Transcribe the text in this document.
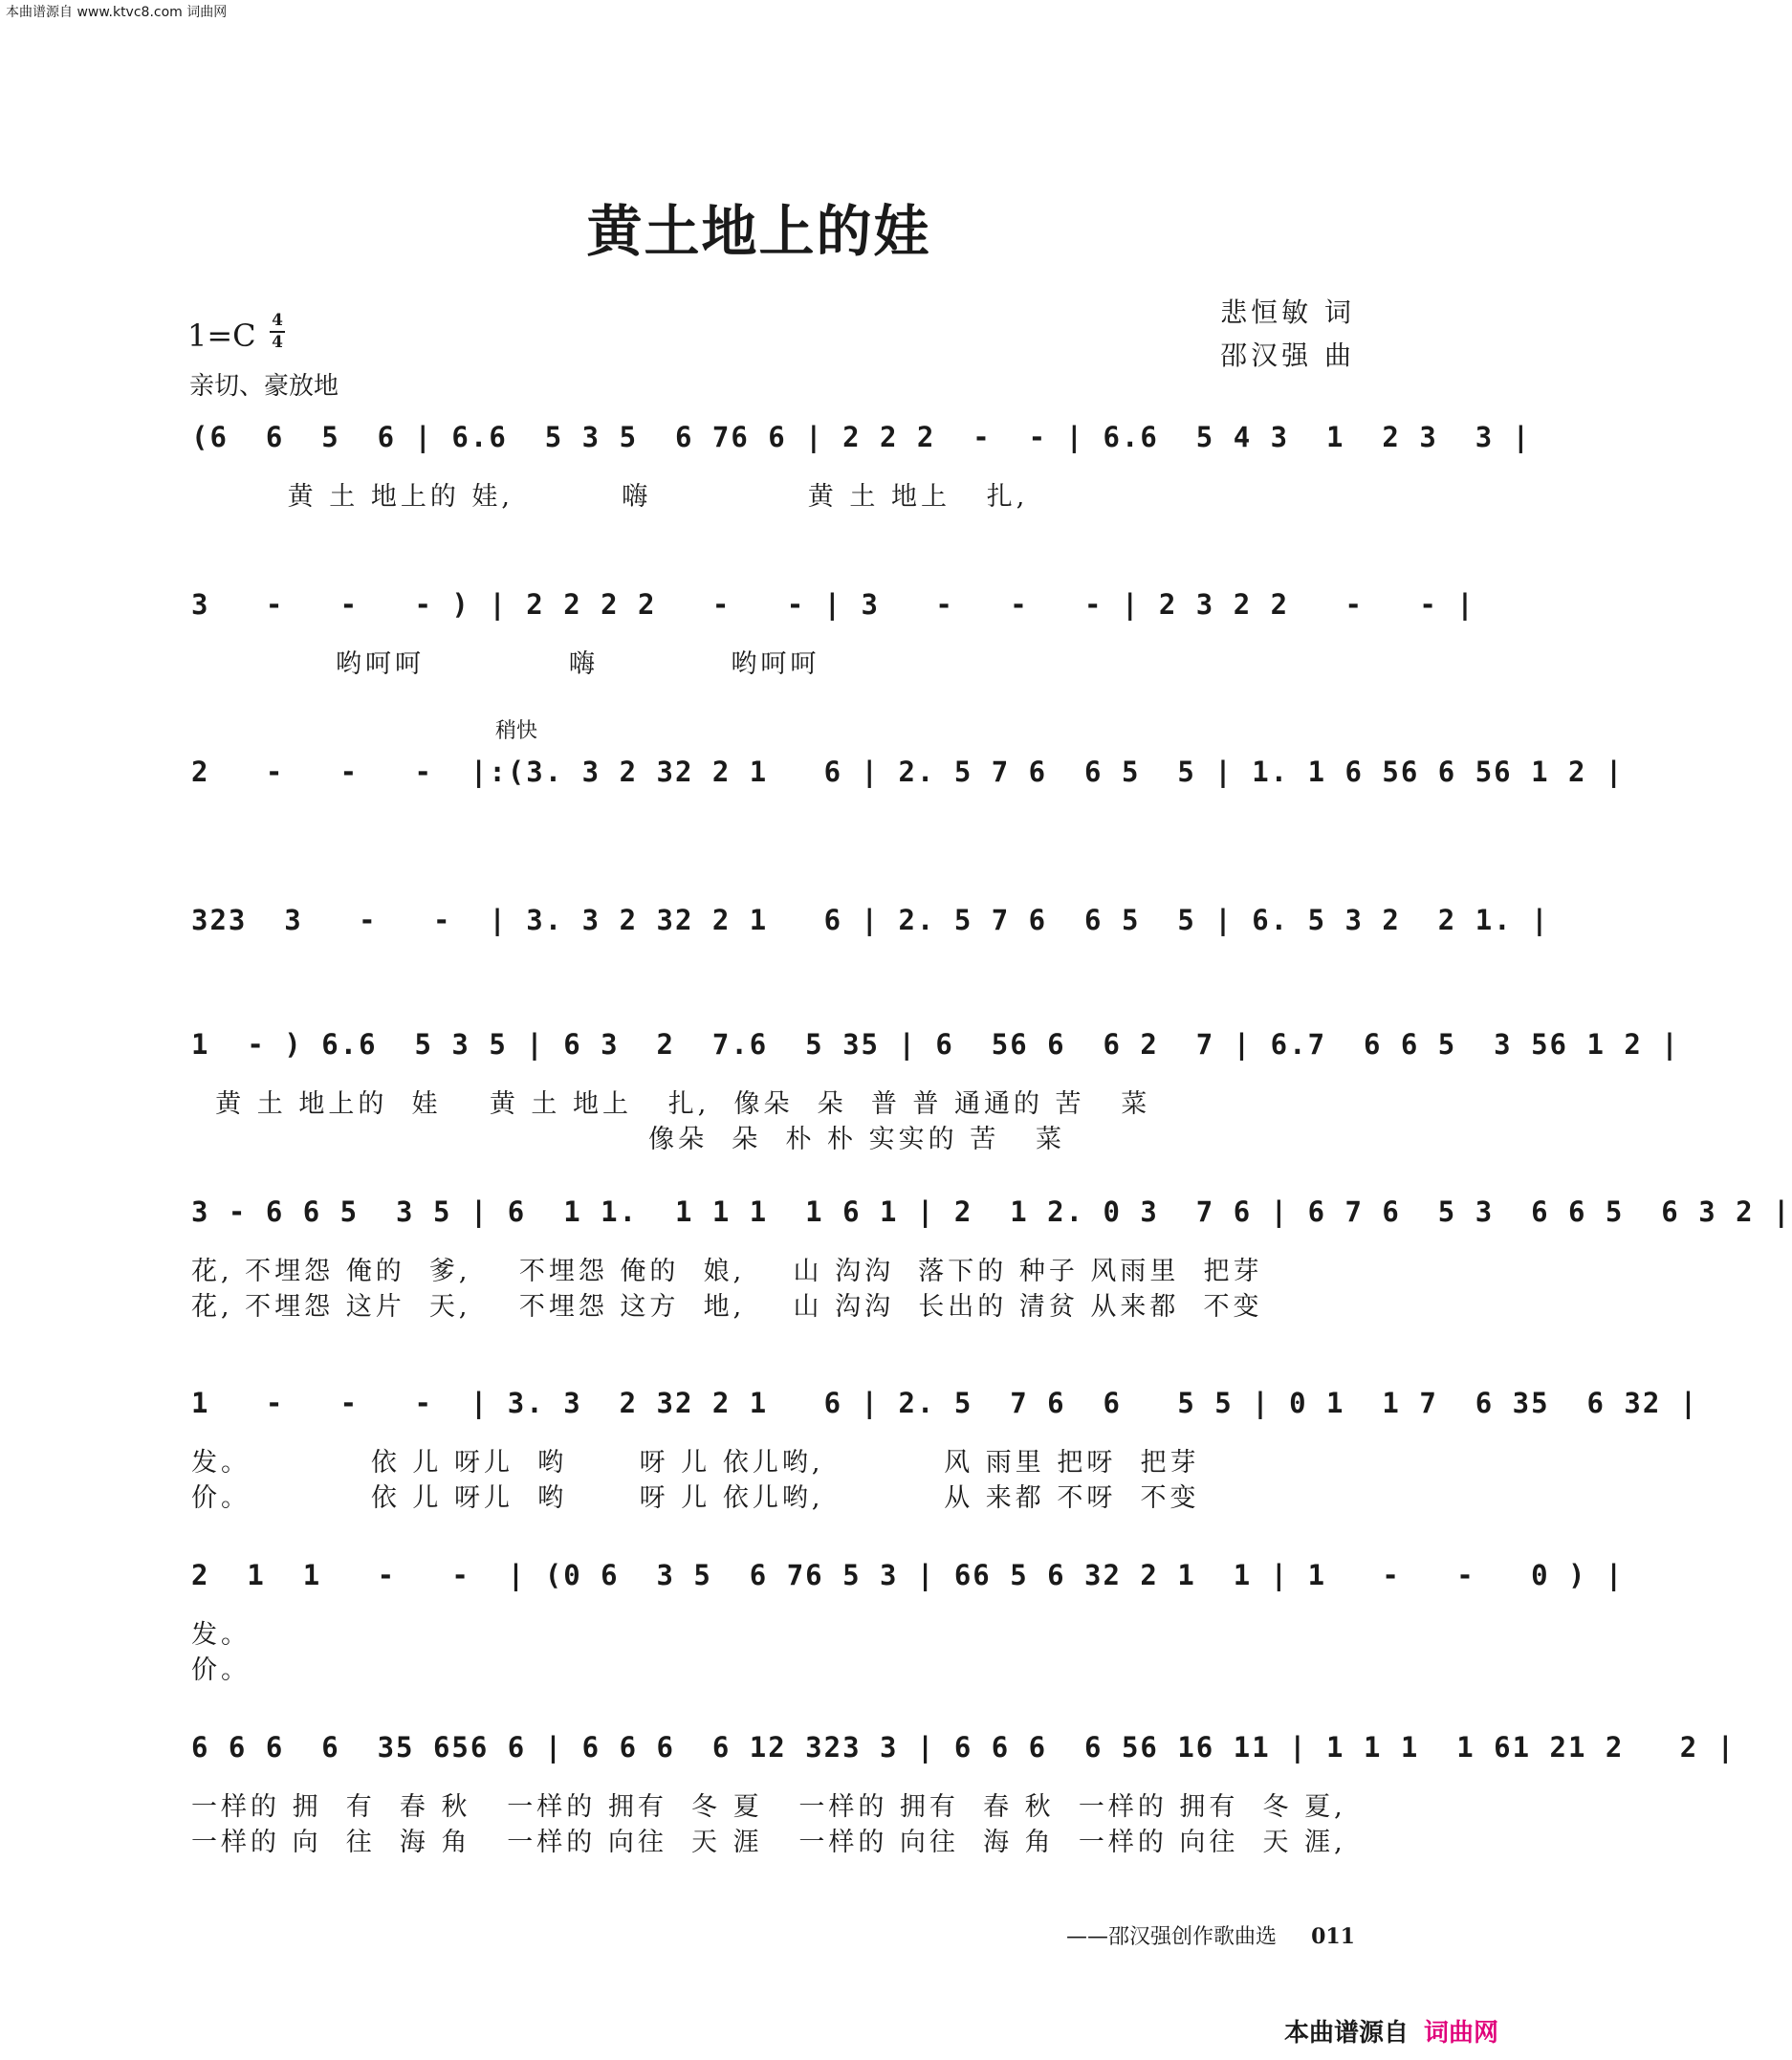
本曲谱源自 www.ktvc8.com 词曲网
黄土地上的娃
悲恒敏 词
邵汉强 曲
1=C 4
4
亲切、豪放地
稍快
(6  6  5  6 | 6.6  5 3 5  6 76 6 | 2 2 2  -  - | 6.6  5 4 3  1  2 3  3 |
黄 土 地上的 娃,         嗨             黄 土 地上   扎,
3   -   -   - ) | 2 2 2 2   -   - | 3   -   -   - | 2 3 2 2   -   - |
哟呵呵            嗨           哟呵呵
2   -   -   -  |:(3. 3 2 32 2 1   6 | 2. 5 7 6  6 5  5 | 1. 1 6 56 6 56 1 2 |
323  3   -   -  | 3. 3 2 32 2 1   6 | 2. 5 7 6  6 5  5 | 6. 5 3 2  2 1. |
1  - ) 6.6  5 3 5 | 6 3  2  7.6  5 35 | 6  56 6  6 2  7 | 6.7  6 6 5  3 56 1 2 |
黄 土 地上的  娃    黄 土 地上   扎,  像朵  朵  普 普 通通的 苦   菜
像朵  朵  朴 朴 实实的 苦   菜
3 - 6 6 5  3 5 | 6  1 1.  1 1 1  1 6 1 | 2  1 2. 0 3  7 6 | 6 7 6  5 3  6 6 5  6 3 2 |
花, 不埋怨 俺的  爹,    不埋怨 俺的  娘,    山 沟沟  落下的 种子 风雨里  把芽
花, 不埋怨 这片  天,    不埋怨 这方  地,    山 沟沟  长出的 清贫 从来都  不变
1   -   -   -  | 3. 3  2 32 2 1   6 | 2. 5  7 6  6   5 5 | 0 1  1 7  6 35  6 32 |
发。          依 儿 呀儿  哟      呀 儿 依儿哟,          风 雨里 把呀  把芽
价。          依 儿 呀儿  哟      呀 儿 依儿哟,          从 来都 不呀  不变
2  1  1   -   -  | (0 6  3 5  6 76 5 3 | 66 5 6 32 2 1  1 | 1   -   -   0 ) |
发。
价。
6 6 6  6  35 656 6 | 6 6 6  6 12 323 3 | 6 6 6  6 56 16 11 | 1 1 1  1 61 21 2   2 |
一样的 拥  有  春 秋   一样的 拥有  冬 夏   一样的 拥有  春 秋  一样的 拥有  冬 夏,
一样的 向  往  海 角   一样的 向往  天 涯   一样的 向往  海 角  一样的 向往  天 涯,
——邵汉强创作歌曲选 011
本曲谱源自 词曲网
